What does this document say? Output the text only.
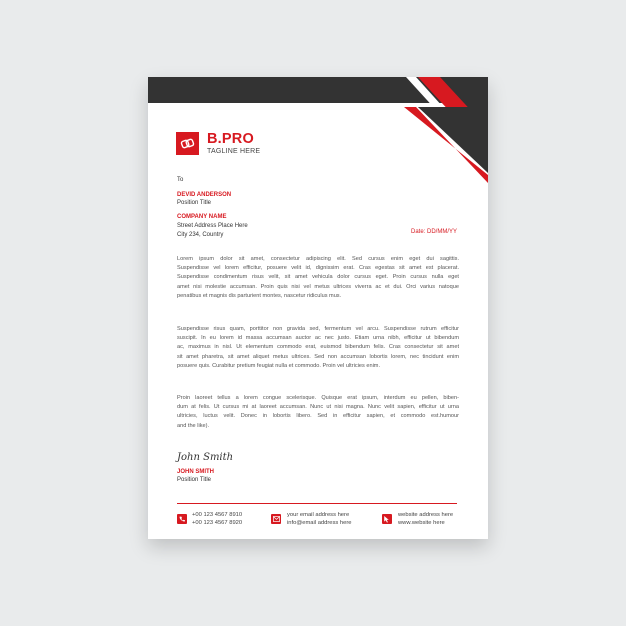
B.PRO
TAGLINE HERE
To
DEVID ANDERSON
Position Title
COMPANY NAME
Street Address Place Here
City 234, Country	Date: DD/MM/YY
Lorem ipsum dolor sit amet, consectetur adipiscing elit. Sed cursus enim eget dui sagittis.
Suspendisse vel lorem efficitur, posuere velit id, dignissim erat. Cras egestas sit amet est placerat.
Suspendisse condimentum risus velit, sit amet vehicula dolor cursus eget. Proin cursus nulla eget
amet nisi molestie accumsan. Proin quis nisi vel metus ultrices viverra ac et dui. Orci varius natoque
penatibus et magnis dis parturient montes, nascetur ridiculus mus.
Suspendisse risus quam, porttitor non gravida sed, fermentum vel arcu. Suspendisse rutrum efficitur
suscipit. In eu lorem id massa accumsan auctor ac nec justo. Etiam urna nibh, efficitur ut bibendum
ac, maximus in nisl. Ut elementum commodo erat, euismod bibendum felis. Cras consectetur sit amet
sit amet pharetra, sit amet aliquet metus ultrices. Sed non accumsan lobortis lorem, nec tincidunt enim
posuere quis. Curabitur pretium feugiat nulla et commodo. Proin vel ultricies enim.
Proin laoreet tellus a lorem congue scelerisque. Quisque erat ipsum, interdum eu pellen, biben-
dum at felis. Ut cursus mi at laoreet accumsan. Nunc ut nisi magna. Nunc velit sapien, efficitur ut urna
ultricies, luctus velit. Donec in lobortis libero. Sed in efficitur sapien, et commodo est.humour
and the like).
John Smith
JOHN SMITH
Position Title
+00 123 4567 8910
+00 123 4567 8920
your email address here
info@email address here
website address here
www.website here
